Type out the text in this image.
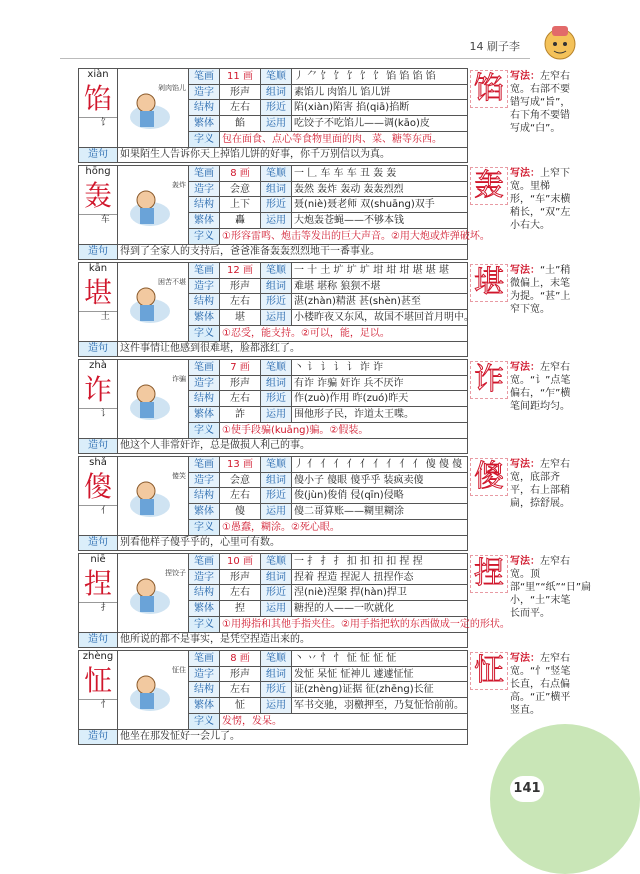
14 刷子李
xiàn
馅
饣	剁肉馅儿	笔画	11 画	笔顺	丿 ⺈ 饣 饣 饣 饣 饣 馅 馅 馅 馅
		造字	形声	组词	素馅儿 肉馅儿 馅儿饼
		结构	左右	形近	陷(xiàn)陷害 掐(qiā)掐断
		繁体	餡	运用	吃饺子不吃馅儿——调(kāo)皮
		字义	包在面食、点心等食物里面的肉、菜、糖等东西。		
造句	如果陌生人告诉你天上掉馅儿饼的好事，你千万别信以为真。				
馅 写法：左窄右宽。右部不要错写成“旨”，右下角不要错写成“白”。
hōng
轰
车	轰炸	笔画	8 画	笔顺	一 𠃊 车 车 车 丑 轰 轰
		造字	会意	组词	轰然 轰炸 轰动 轰轰烈烈
		结构	上下	形近	聂(niè)聂老师 双(shuāng)双手
		繁体	轟	运用	大炮轰苍蝇——不够本钱
		字义	①形容雷鸣、炮击等发出的巨大声音。②用大炮或炸弹破坏。		
造句	得到了全家人的支持后，爸爸准备轰轰烈烈地干一番事业。				
轰 写法：上窄下宽。里梯形，“车”末横稍长，“双”左小右大。
kān
堪
土	困苦不堪	笔画	12 画	笔顺	一 十 土 圹 圹 圹 坩 坩 坩 堪 堪 堪
		造字	形声	组词	难堪 堪称 狼狈不堪
		结构	左右	形近	湛(zhàn)精湛 甚(shèn)甚至
		繁体	堪	运用	小楼昨夜又东风，故国不堪回首月明中。
		字义	①忍受，能支持。②可以，能，足以。		
造句	这件事情让他感到很难堪，脸都涨红了。				
堪 写法：“土”稍微偏上，末笔为提。“甚”上窄下宽。
zhà
诈
讠	诈骗	笔画	7 画	笔顺	丶 讠 讠 讠 讠 诈 诈
		造字	形声	组词	有诈 诈骗 奸诈 兵不厌诈
		结构	左右	形近	作(zuò)作用 昨(zuó)昨天
		繁体	詐	运用	围他形子民，诈道太王喋。
		字义	①使手段骗(kuāng)骗。②假装。		
造句	他这个人非常奸诈，总是做损人利己的事。				
诈 写法：左窄右宽。“讠”点笔偏右，“乍”横笔间距均匀。
shǎ
傻
亻	傻笑	笔画	13 画	笔顺	丿 亻 亻 亻 亻 亻 亻 亻 亻 亻 傻 傻 傻
		造字	会意	组词	傻小子 傻眼 傻乎乎 装疯卖傻
		结构	左右	形近	俊(jùn)俊俏 侵(qīn)侵略
		繁体	傻	运用	傻二哥算账——糊里糊涂
		字义	①愚蠢，糊涂。②死心眼。		
造句	别看他样子傻乎乎的，心里可有数。				
傻 写法：左窄右宽，底部齐平，右上部稍扁，捺舒展。
niē
捏
扌	捏饺子	笔画	10 画	笔顺	一 扌 扌 扌 扣 扣 扣 扣 捏 捏
		造字	形声	组词	捏着 捏造 捏泥人 扭捏作态
		结构	左右	形近	涅(niè)涅槃 捍(hàn)捍卫
		繁体	揑	运用	糖捏的人——一吹就化
		字义	①用拇指和其他手指夹住。②用手指把软的东西做成一定的形状。		
造句	他所说的都不是事实，是凭空捏造出来的。				
捏 写法：左窄右宽。顶部“里”“纸”“日”扁小，“土”末笔长而平。
zhèng
怔
忄	怔住	笔画	8 画	笔顺	丶 丷 忄 忄 怔 怔 怔 怔
		造字	形声	组词	发怔 呆怔 怔神儿 遽遽怔怔
		结构	左右	形近	证(zhèng)证据 征(zhēng)长征
		繁体	怔	运用	军书交驰，羽檄押至，乃复怔恰前前。
		字义	发愣，发呆。		
造句	他坐在那发怔好一会儿了。				
怔 写法：左窄右宽。“忄”竖笔长直，右点偏高。“正”横平竖直。
141
